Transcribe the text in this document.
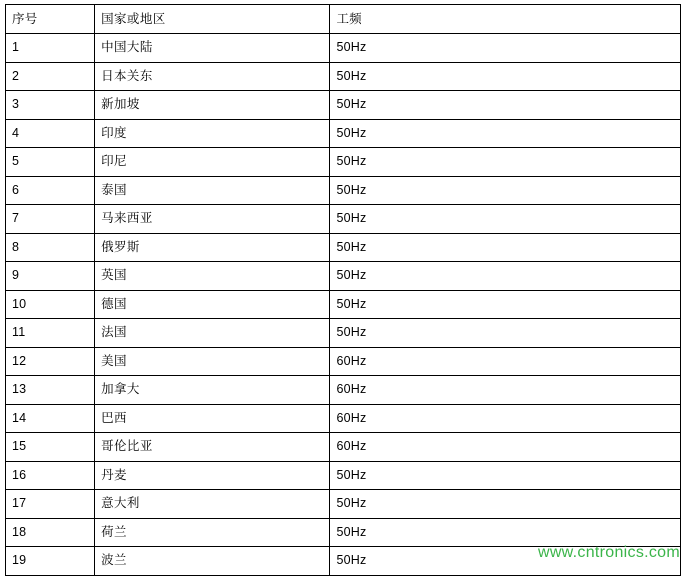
序号	国家或地区	工频
1	中国大陆	50Hz
2	日本关东	50Hz
3	新加坡	50Hz
4	印度	50Hz
5	印尼	50Hz
6	泰国	50Hz
7	马来西亚	50Hz
8	俄罗斯	50Hz
9	英国	50Hz
10	德国	50Hz
11	法国	50Hz
12	美国	60Hz
13	加拿大	60Hz
14	巴西	60Hz
15	哥伦比亚	60Hz
16	丹麦	50Hz
17	意大利	50Hz
18	荷兰	50Hz
19	波兰	50Hz	www.cntronics.com
